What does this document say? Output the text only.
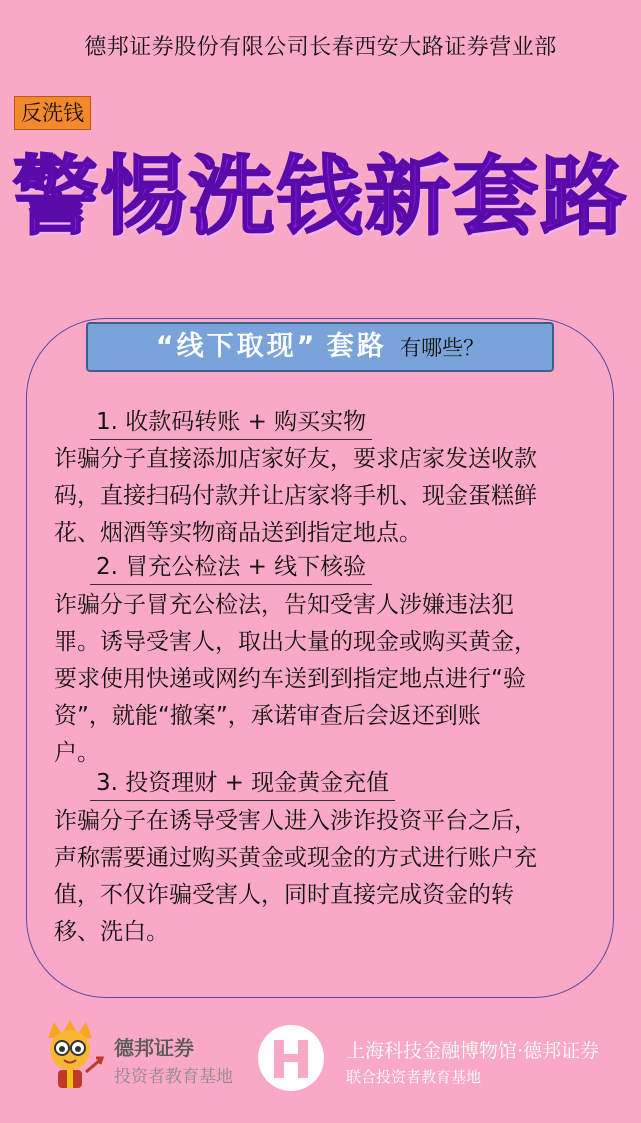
德邦证券股份有限公司长春西安大路证券营业部
反洗钱
警惕洗钱新套路
“线下取现” 套路 有哪些？
1. 收款码转账 + 购买实物
诈骗分子直接添加店家好友，要求店家发送收款
码，直接扫码付款并让店家将手机、现金蛋糕鲜
花、烟酒等实物商品送到指定地点。
2. 冒充公检法 + 线下核验
诈骗分子冒充公检法，告知受害人涉嫌违法犯
罪。诱导受害人，取出大量的现金或购买黄金，
要求使用快递或网约车送到到指定地点进行“验
资”，就能“撤案”，承诺审查后会返还到账
户。
3. 投资理财 + 现金黄金充值
诈骗分子在诱导受害人进入涉诈投资平台之后，
声称需要通过购买黄金或现金的方式进行账户充
值，不仅诈骗受害人，同时直接完成资金的转
移、洗白。
德邦证券
投资者教育基地
上海科技金融博物馆·德邦证券
联合投资者教育基地
